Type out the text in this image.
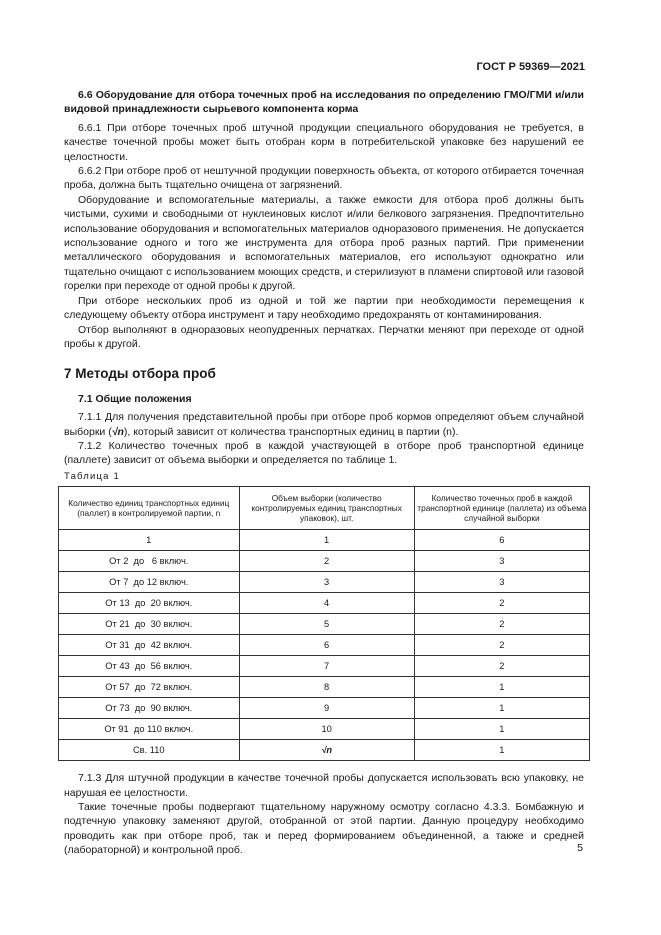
ГОСТ Р 59369—2021
6.6 Оборудование для отбора точечных проб на исследования по определению ГМО/ГМИ и/или видовой принадлежности сырьевого компонента корма

6.6.1 При отборе точечных проб штучной продукции специального оборудования не требуется, в качестве точечной пробы может быть отобран корм в потребительской упаковке без нарушений ее целостности.

6.6.2 При отборе проб от нештучной продукции поверхность объекта, от которого отбирается точечная проба, должна быть тщательно очищена от загрязнений.

Оборудование и вспомогательные материалы, а также емкости для отбора проб должны быть чистыми, сухими и свободными от нуклеиновых кислот и/или белкового загрязнения. Предпочтительно использование оборудования и вспомогательных материалов одноразового применения. Не допускается использование одного и того же инструмента для отбора проб разных партий. При применении металлического оборудования и вспомогательных материалов, его используют однократно или тщательно очищают с использованием моющих средств, и стерилизуют в пламени спиртовой или газовой горелки при переходе от одной пробы к другой.

При отборе нескольких проб из одной и той же партии при необходимости перемещения к следующему объекту отбора инструмент и тару необходимо предохранять от контаминирования.

Отбор выполняют в одноразовых неопудренных перчатках. Перчатки меняют при переходе от одной пробы к другой.

7 Методы отбора проб
7.1 Общие положения

7.1.1 Для получения представительной пробы при отборе проб кормов определяют объем случайной выборки (√n), который зависит от количества транспортных единиц в партии (n).

7.1.2 Количество точечных проб в каждой участвующей в отборе проб транспортной единице (паллете) зависит от объема выборки и определяется по таблице 1.

Таблица 1
Количество единиц транспортных единиц (паллет) в контролируемой партии, n	Объем выборки (количество контролируемых единиц транспортных упаковок), шт.	Количество точечных проб в каждой транспортной единице (паллета) из объема случайной выборки
1	1	6
От 2  до   6 включ.	2	3
От 7  до 12 включ.	3	3
От 13  до  20 включ.	4	2
От 21  до  30 включ.	5	2
От 31  до  42 включ.	6	2
От 43  до  56 включ.	7	2
От 57  до  72 включ.	8	1
От 73  до  90 включ.	9	1
От 91  до 110 включ.	10	1
Св. 110	√n	1

7.1.3 Для штучной продукции в качестве точечной пробы допускается использовать всю упаковку, не нарушая ее целостности.

Такие точечные пробы подвергают тщательному наружному осмотру согласно 4.3.3. Бомбажную и подтечную упаковку заменяют другой, отобранной от этой партии. Данную процедуру необходимо проводить как при отборе проб, так и перед формированием объединенной, а также и средней (лабораторной) и контрольной проб.	5
